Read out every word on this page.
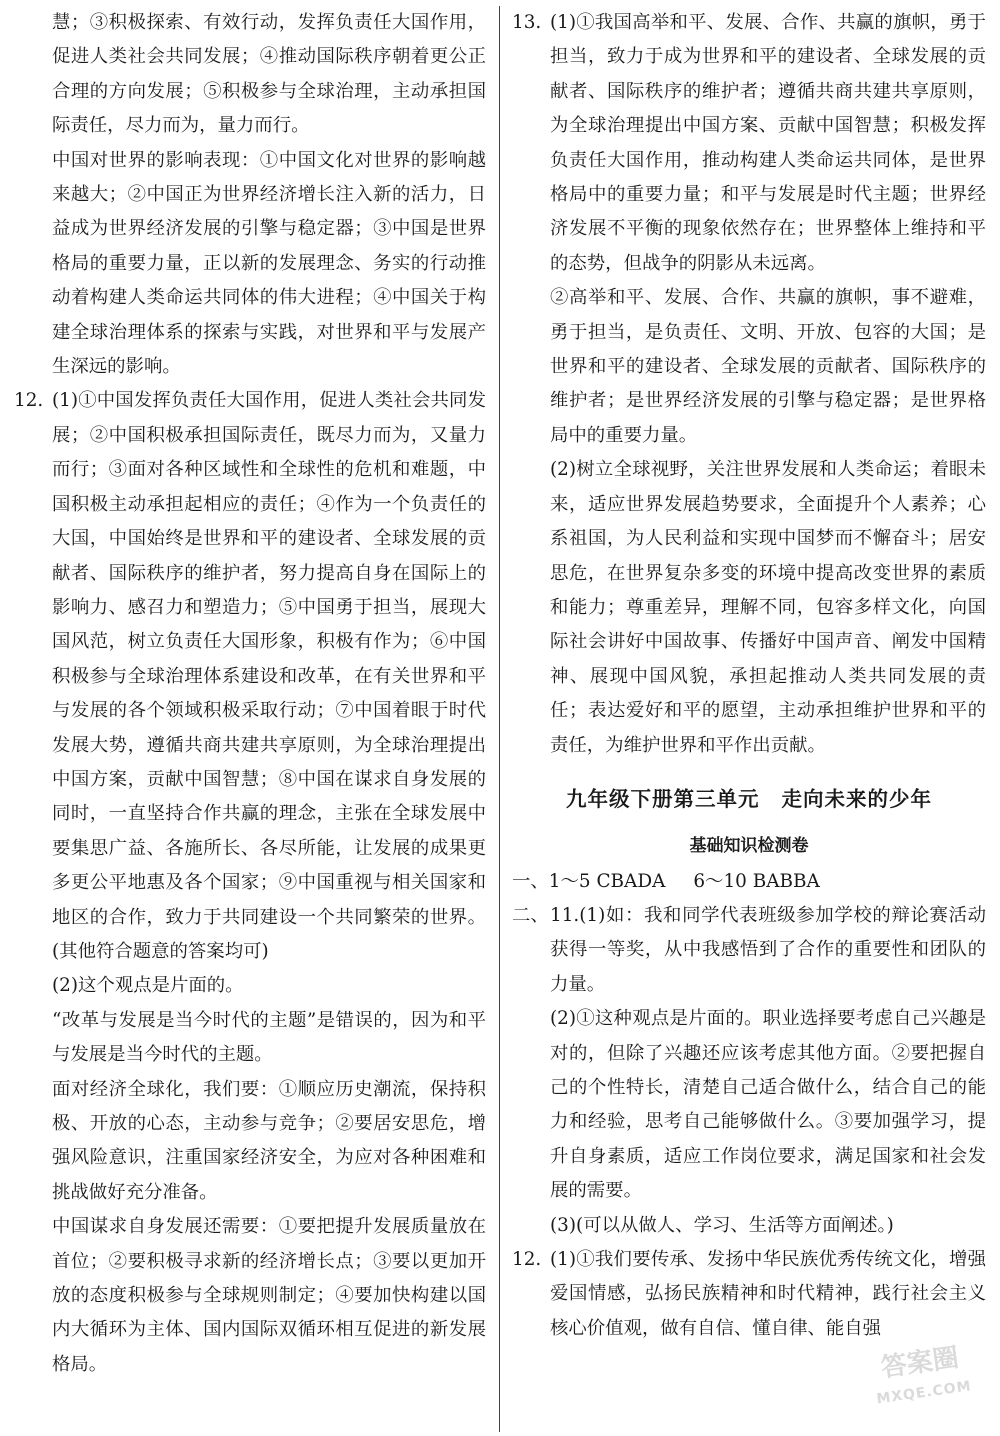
慧；③积极探索、有效行动，发挥负责任大国作用，促进人类社会共同发展；④推动国际秩序朝着更公正合理的方向发展；⑤积极参与全球治理，主动承担国际责任，尽力而为，量力而行。

中国对世界的影响表现：①中国文化对世界的影响越来越大；②中国正为世界经济增长注入新的活力，日益成为世界经济发展的引擎与稳定器；③中国是世界格局的重要力量，正以新的发展理念、务实的行动推动着构建人类命运共同体的伟大进程；④中国关于构建全球治理体系的探索与实践，对世界和平与发展产生深远的影响。

12. (1)①中国发挥负责任大国作用，促进人类社会共同发展；②中国积极承担国际责任，既尽力而为，又量力而行；③面对各种区域性和全球性的危机和难题，中国积极主动承担起相应的责任；④作为一个负责任的大国，中国始终是世界和平的建设者、全球发展的贡献者、国际秩序的维护者，努力提高自身在国际上的影响力、感召力和塑造力；⑤中国勇于担当，展现大国风范，树立负责任大国形象，积极有作为；⑥中国积极参与全球治理体系建设和改革，在有关世界和平与发展的各个领域积极采取行动；⑦中国着眼于时代发展大势，遵循共商共建共享原则，为全球治理提出中国方案，贡献中国智慧；⑧中国在谋求自身发展的同时，一直坚持合作共赢的理念，主张在全球发展中要集思广益、各施所长、各尽所能，让发展的成果更多更公平地惠及各个国家；⑨中国重视与相关国家和地区的合作，致力于共同建设一个共同繁荣的世界。(其他符合题意的答案均可)

(2)这个观点是片面的。

“改革与发展是当今时代的主题”是错误的，因为和平与发展是当今时代的主题。

面对经济全球化，我们要：①顺应历史潮流，保持积极、开放的心态，主动参与竞争；②要居安思危，增强风险意识，注重国家经济安全，为应对各种困难和挑战做好充分准备。

中国谋求自身发展还需要：①要把提升发展质量放在首位；②要积极寻求新的经济增长点；③要以更加开放的态度积极参与全球规则制定；④要加快构建以国内大循环为主体、国内国际双循环相互促进的新发展格局。

13. (1)①我国高举和平、发展、合作、共赢的旗帜，勇于担当，致力于成为世界和平的建设者、全球发展的贡献者、国际秩序的维护者；遵循共商共建共享原则，为全球治理提出中国方案、贡献中国智慧；积极发挥负责任大国作用，推动构建人类命运共同体，是世界格局中的重要力量；和平与发展是时代主题；世界经济发展不平衡的现象依然存在；世界整体上维持和平的态势，但战争的阴影从未远离。

②高举和平、发展、合作、共赢的旗帜，事不避难，勇于担当，是负责任、文明、开放、包容的大国；是世界和平的建设者、全球发展的贡献者、国际秩序的维护者；是世界经济发展的引擎与稳定器；是世界格局中的重要力量。

(2)树立全球视野，关注世界发展和人类命运；着眼未来，适应世界发展趋势要求，全面提升个人素养；心系祖国，为人民利益和实现中国梦而不懈奋斗；居安思危，在世界复杂多变的环境中提高改变世界的素质和能力；尊重差异，理解不同，包容多样文化，向国际社会讲好中国故事、传播好中国声音、阐发中国精神、展现中国风貌，承担起推动人类共同发展的责任；表达爱好和平的愿望，主动承担维护世界和平的责任，为维护世界和平作出贡献。

九年级下册第三单元 走向未来的少年
基础知识检测卷
一、1～5 CBADA 6～10 BABBA
二、 11.(1)如：我和同学代表班级参加学校的辩论赛活动获得一等奖，从中我感悟到了合作的重要性和团队的力量。

(2)①这种观点是片面的。职业选择要考虑自己兴趣是对的，但除了兴趣还应该考虑其他方面。②要把握自己的个性特长，清楚自己适合做什么，结合自己的能力和经验，思考自己能够做什么。③要加强学习，提升自身素质，适应工作岗位要求，满足国家和社会发展的需要。

(3)(可以从做人、学习、生活等方面阐述。)

12. (1)①我们要传承、发扬中华民族优秀传统文化，增强爱国情感，弘扬民族精神和时代精神，践行社会主义核心价值观，做有自信、懂自律、能自强
答案圈
MXQE.COM
